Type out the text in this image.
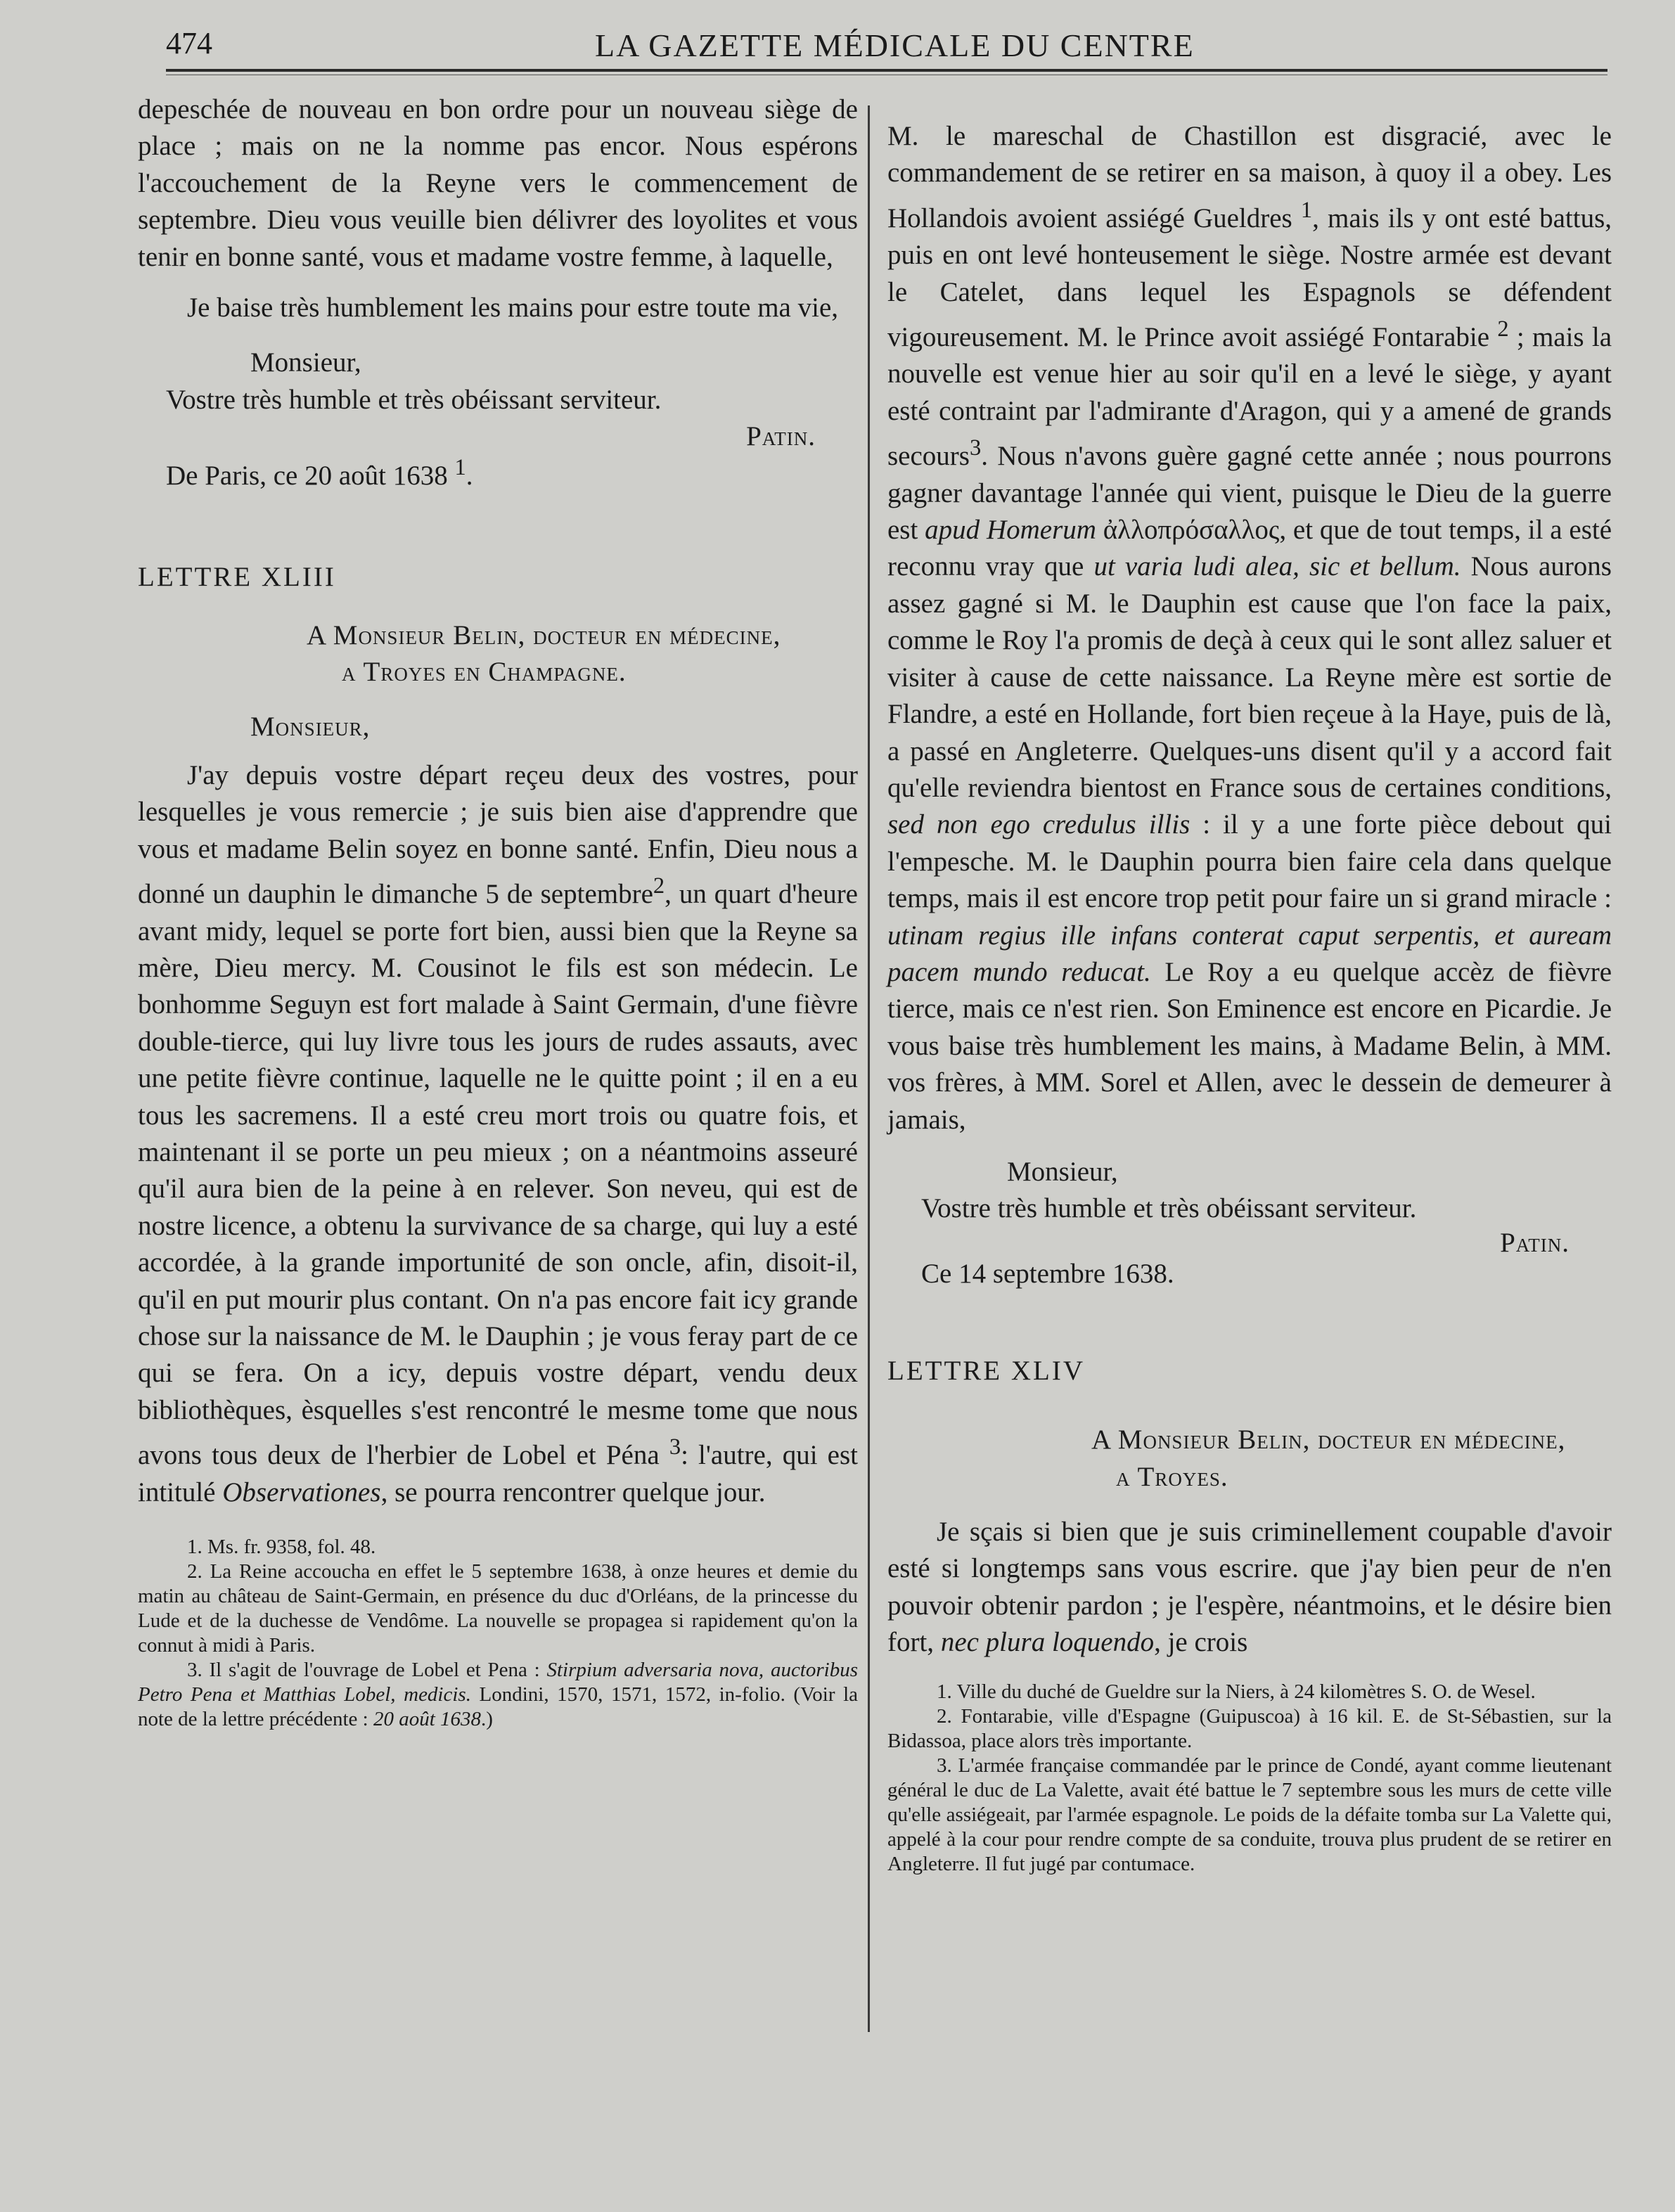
474	LA GAZETTE MÉDICALE DU CENTRE

depeschée de nouveau en bon ordre pour un nouveau siège de place ; mais on ne la nomme pas encor. Nous espérons l'accouchement de la Reyne vers le commencement de septembre. Dieu vous veuille bien délivrer des loyolites et vous tenir en bonne santé, vous et madame vostre femme, à laquelle,

Je baise très humblement les mains pour estre toute ma vie,

Monsieur,

Vostre très humble et très obéissant serviteur.

Patin.

De Paris, ce 20 août 1638 $^1$.

LETTRE XLIII

A Monsieur Belin, docteur en médecine,

a Troyes en Champagne.

Monsieur,

J'ay depuis vostre départ reçeu deux des vostres, pour lesquelles je vous remercie ; je suis bien aise d'apprendre que vous et madame Belin soyez en bonne santé. Enfin, Dieu nous a donné un dauphin le dimanche 5 de septembre$^2$, un quart d'heure avant midy, lequel se porte fort bien, aussi bien que la Reyne sa mère, Dieu mercy. M. Cousinot le fils est son médecin. Le bonhomme Seguyn est fort malade à Saint Germain, d'une fièvre double-tierce, qui luy livre tous les jours de rudes assauts, avec une petite fièvre continue, laquelle ne le quitte point ; il en a eu tous les sacremens. Il a esté creu mort trois ou quatre fois, et maintenant il se porte un peu mieux ; on a néantmoins asseuré qu'il aura bien de la peine à en relever. Son neveu, qui est de nostre licence, a obtenu la survivance de sa charge, qui luy a esté accordée, à la grande importunité de son oncle, afin, disoit-il, qu'il en put mourir plus contant. On n'a pas encore fait icy grande chose sur la naissance de M. le Dauphin ; je vous feray part de ce qui se fera. On a icy, depuis vostre départ, vendu deux bibliothèques, èsquelles s'est rencontré le mesme tome que nous avons tous deux de l'herbier de Lobel et Péna $^3$: l'autre, qui est intitulé Observationes, se pourra rencontrer quelque jour.

1. Ms. fr. 9358, fol. 48.

2. La Reine accoucha en effet le 5 septembre 1638, à onze heures et demie du matin au château de Saint-Germain, en présence du duc d'Orléans, de la princesse du Lude et de la duchesse de Vendôme. La nouvelle se propagea si rapidement qu'on la connut à midi à Paris.

3. Il s'agit de l'ouvrage de Lobel et Pena : Stirpium adversaria nova, auctoribus Petro Pena et Matthias Lobel, medicis. Londini, 1570, 1571, 1572, in-folio. (Voir la note de la lettre précédente : 20 août 1638.)

M. le mareschal de Chastillon est disgracié, avec le commandement de se retirer en sa maison, à quoy il a obey. Les Hollandois avoient assiégé Gueldres $^1$, mais ils y ont esté battus, puis en ont levé honteusement le siège. Nostre armée est devant le Catelet, dans lequel les Espagnols se défendent vigoureusement. M. le Prince avoit assiégé Fontarabie $^2$ ; mais la nouvelle est venue hier au soir qu'il en a levé le siège, y ayant esté contraint par l'admirante d'Aragon, qui y a amené de grands secours$^3$. Nous n'avons guère gagné cette année ; nous pourrons gagner davantage l'année qui vient, puisque le Dieu de la guerre est apud Homerum ἀλλοπρόσαλλος, et que de tout temps, il a esté reconnu vray que ut varia ludi alea, sic et bellum. Nous aurons assez gagné si M. le Dauphin est cause que l'on face la paix, comme le Roy l'a promis de deçà à ceux qui le sont allez saluer et visiter à cause de cette naissance. La Reyne mère est sortie de Flandre, a esté en Hollande, fort bien reçeue à la Haye, puis de là, a passé en Angleterre. Quelques-uns disent qu'il y a accord fait qu'elle reviendra bientost en France sous de certaines conditions, sed non ego credulus illis : il y a une forte pièce debout qui l'empesche. M. le Dauphin pourra bien faire cela dans quelque temps, mais il est encore trop petit pour faire un si grand miracle : utinam regius ille infans conterat caput serpentis, et auream pacem mundo reducat. Le Roy a eu quelque accèz de fièvre tierce, mais ce n'est rien. Son Eminence est encore en Picardie. Je vous baise très humblement les mains, à Madame Belin, à MM. vos frères, à MM. Sorel et Allen, avec le dessein de demeurer à jamais,

Monsieur,

Vostre très humble et très obéissant serviteur.

Patin.

Ce 14 septembre 1638.

LETTRE XLIV

A Monsieur Belin, docteur en médecine,

a Troyes.

Je sçais si bien que je suis criminellement coupable d'avoir esté si longtemps sans vous escrire. que j'ay bien peur de n'en pouvoir obtenir pardon ; je l'espère, néantmoins, et le désire bien fort, nec plura loquendo, je crois

1. Ville du duché de Gueldre sur la Niers, à 24 kilomètres S. O. de Wesel.

2. Fontarabie, ville d'Espagne (Guipuscoa) à 16 kil. E. de St-Sébastien, sur la Bidassoa, place alors très importante.

3. L'armée française commandée par le prince de Condé, ayant comme lieutenant général le duc de La Valette, avait été battue le 7 septembre sous les murs de cette ville qu'elle assiégeait, par l'armée espagnole. Le poids de la défaite tomba sur La Valette qui, appelé à la cour pour rendre compte de sa conduite, trouva plus prudent de se retirer en Angleterre. Il fut jugé par contumace.
